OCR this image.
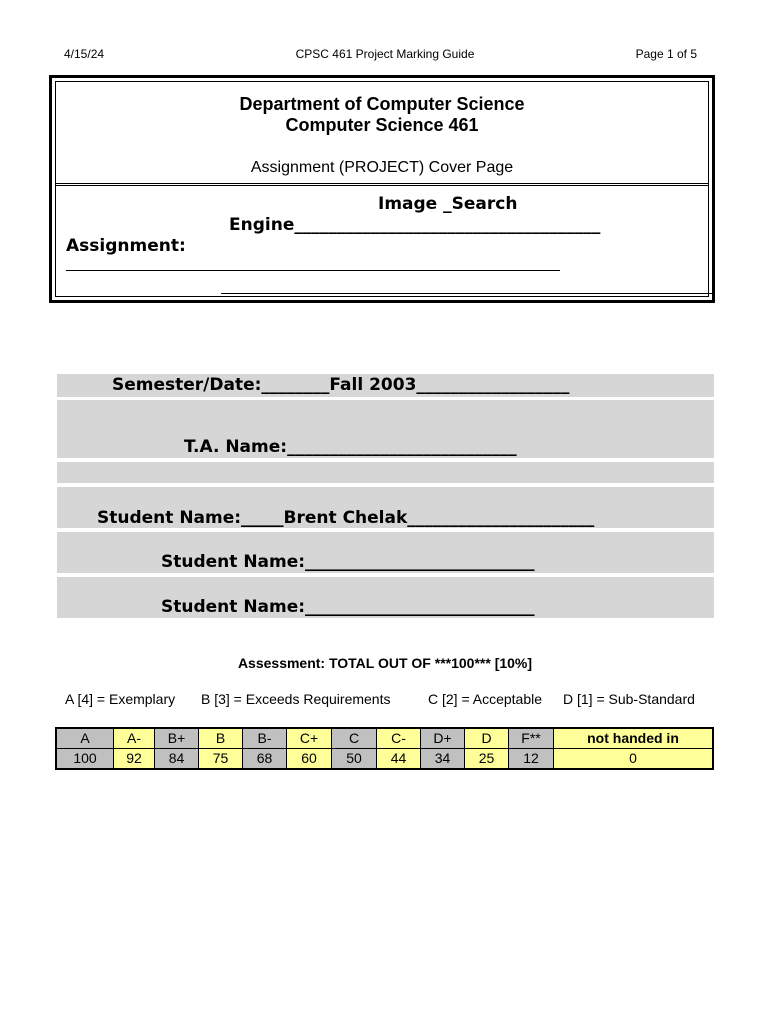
4/15/24	CPSC 461 Project Marking Guide	Page 1 of 5
Department of Computer Science
Computer Science 461
Assignment (PROJECT) Cover Page
Image _Search
Engine____________________________________
Assignment:
Semester/Date:________Fall 2003__________________
T.A. Name:___________________________
Student Name:_____Brent Chelak______________________
Student Name:___________________________
Student Name:___________________________
Assessment: TOTAL OUT OF ***100*** [10%]
A [4] = Exemplary B [3] = Exceeds Requirements	C [2] = Acceptable D [1] = Sub-Standard
A	A-	B+	B	B-	C+	C	C-	D+	D	F**	not handed in
100	92	84	75	68	60	50	44	34	25	12	0
